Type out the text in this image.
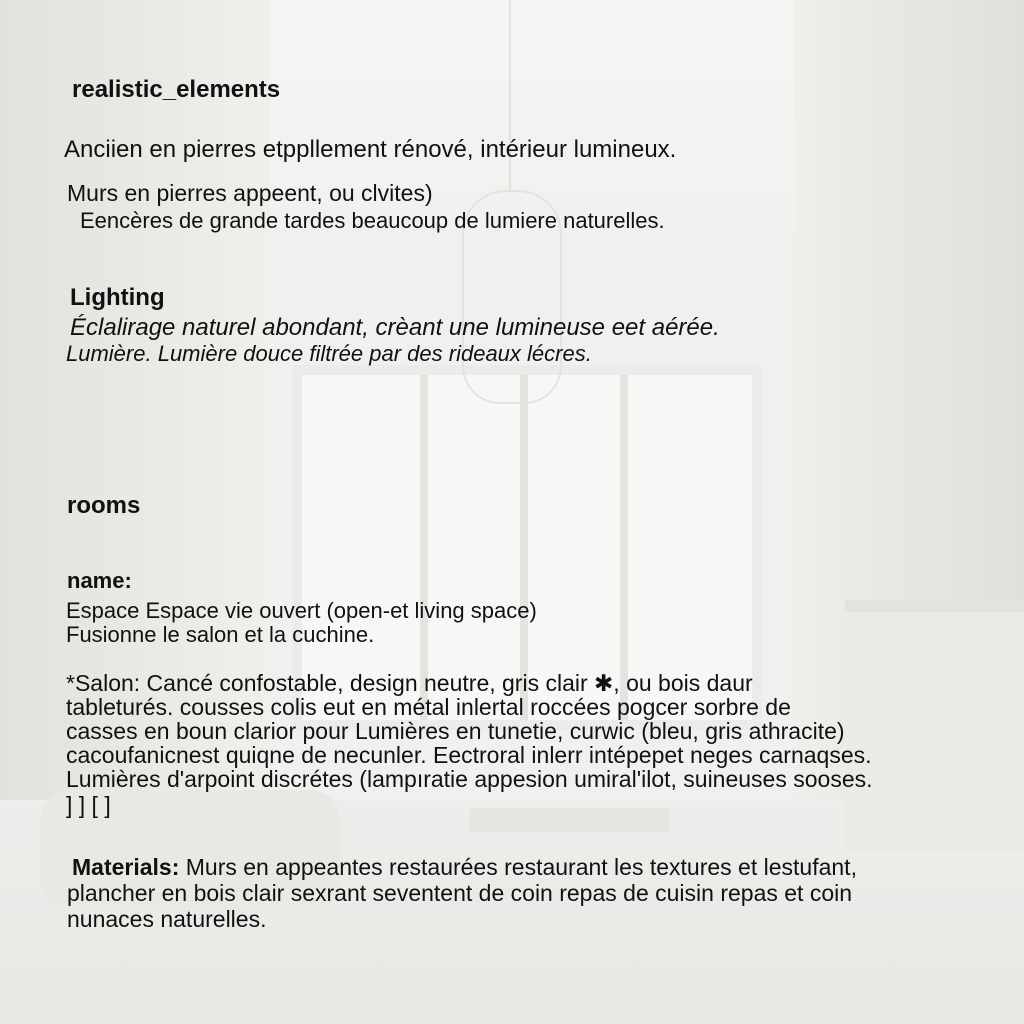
realistic_elements

Anciien en pierres etppllement rénové, intérieur lumineux.

Murs en pierres appeent, ou clvites)

Eencères de grande tardes beaucoup de lumiere naturelles.

Lighting

Éclalirage naturel abondant, crèant une lumineuse eet aérée.

Lumière. Lumière douce filtrée par des rideaux lécres.

rooms

name:

Espace Espace vie ouvert (open-et living space)

Fusionne le salon et la cuchine.

*Salon: Cancé confostable, design neutre, gris clair ✱, ou bois daur

tableturés. cousses colis eut en métal inlertal roccées pogcer sorbre de

casses en boun clarior pour Lumières en tunetie, curwic (bleu, gris athracite)

cacoufanicnest quiqne de necunler. Eectroral inlerr intépepet neges carnaqses.

Lumières d'arpoint discrétes (lampıratie appesion umiral'ilot, suineuses sooses.

] ] [ ]

Materials: Murs en appeantes restaurées restaurant les textures et lestufant,

plancher en bois clair sexrant seventent de coin repas de cuisin repas et coin

nunaces naturelles.
